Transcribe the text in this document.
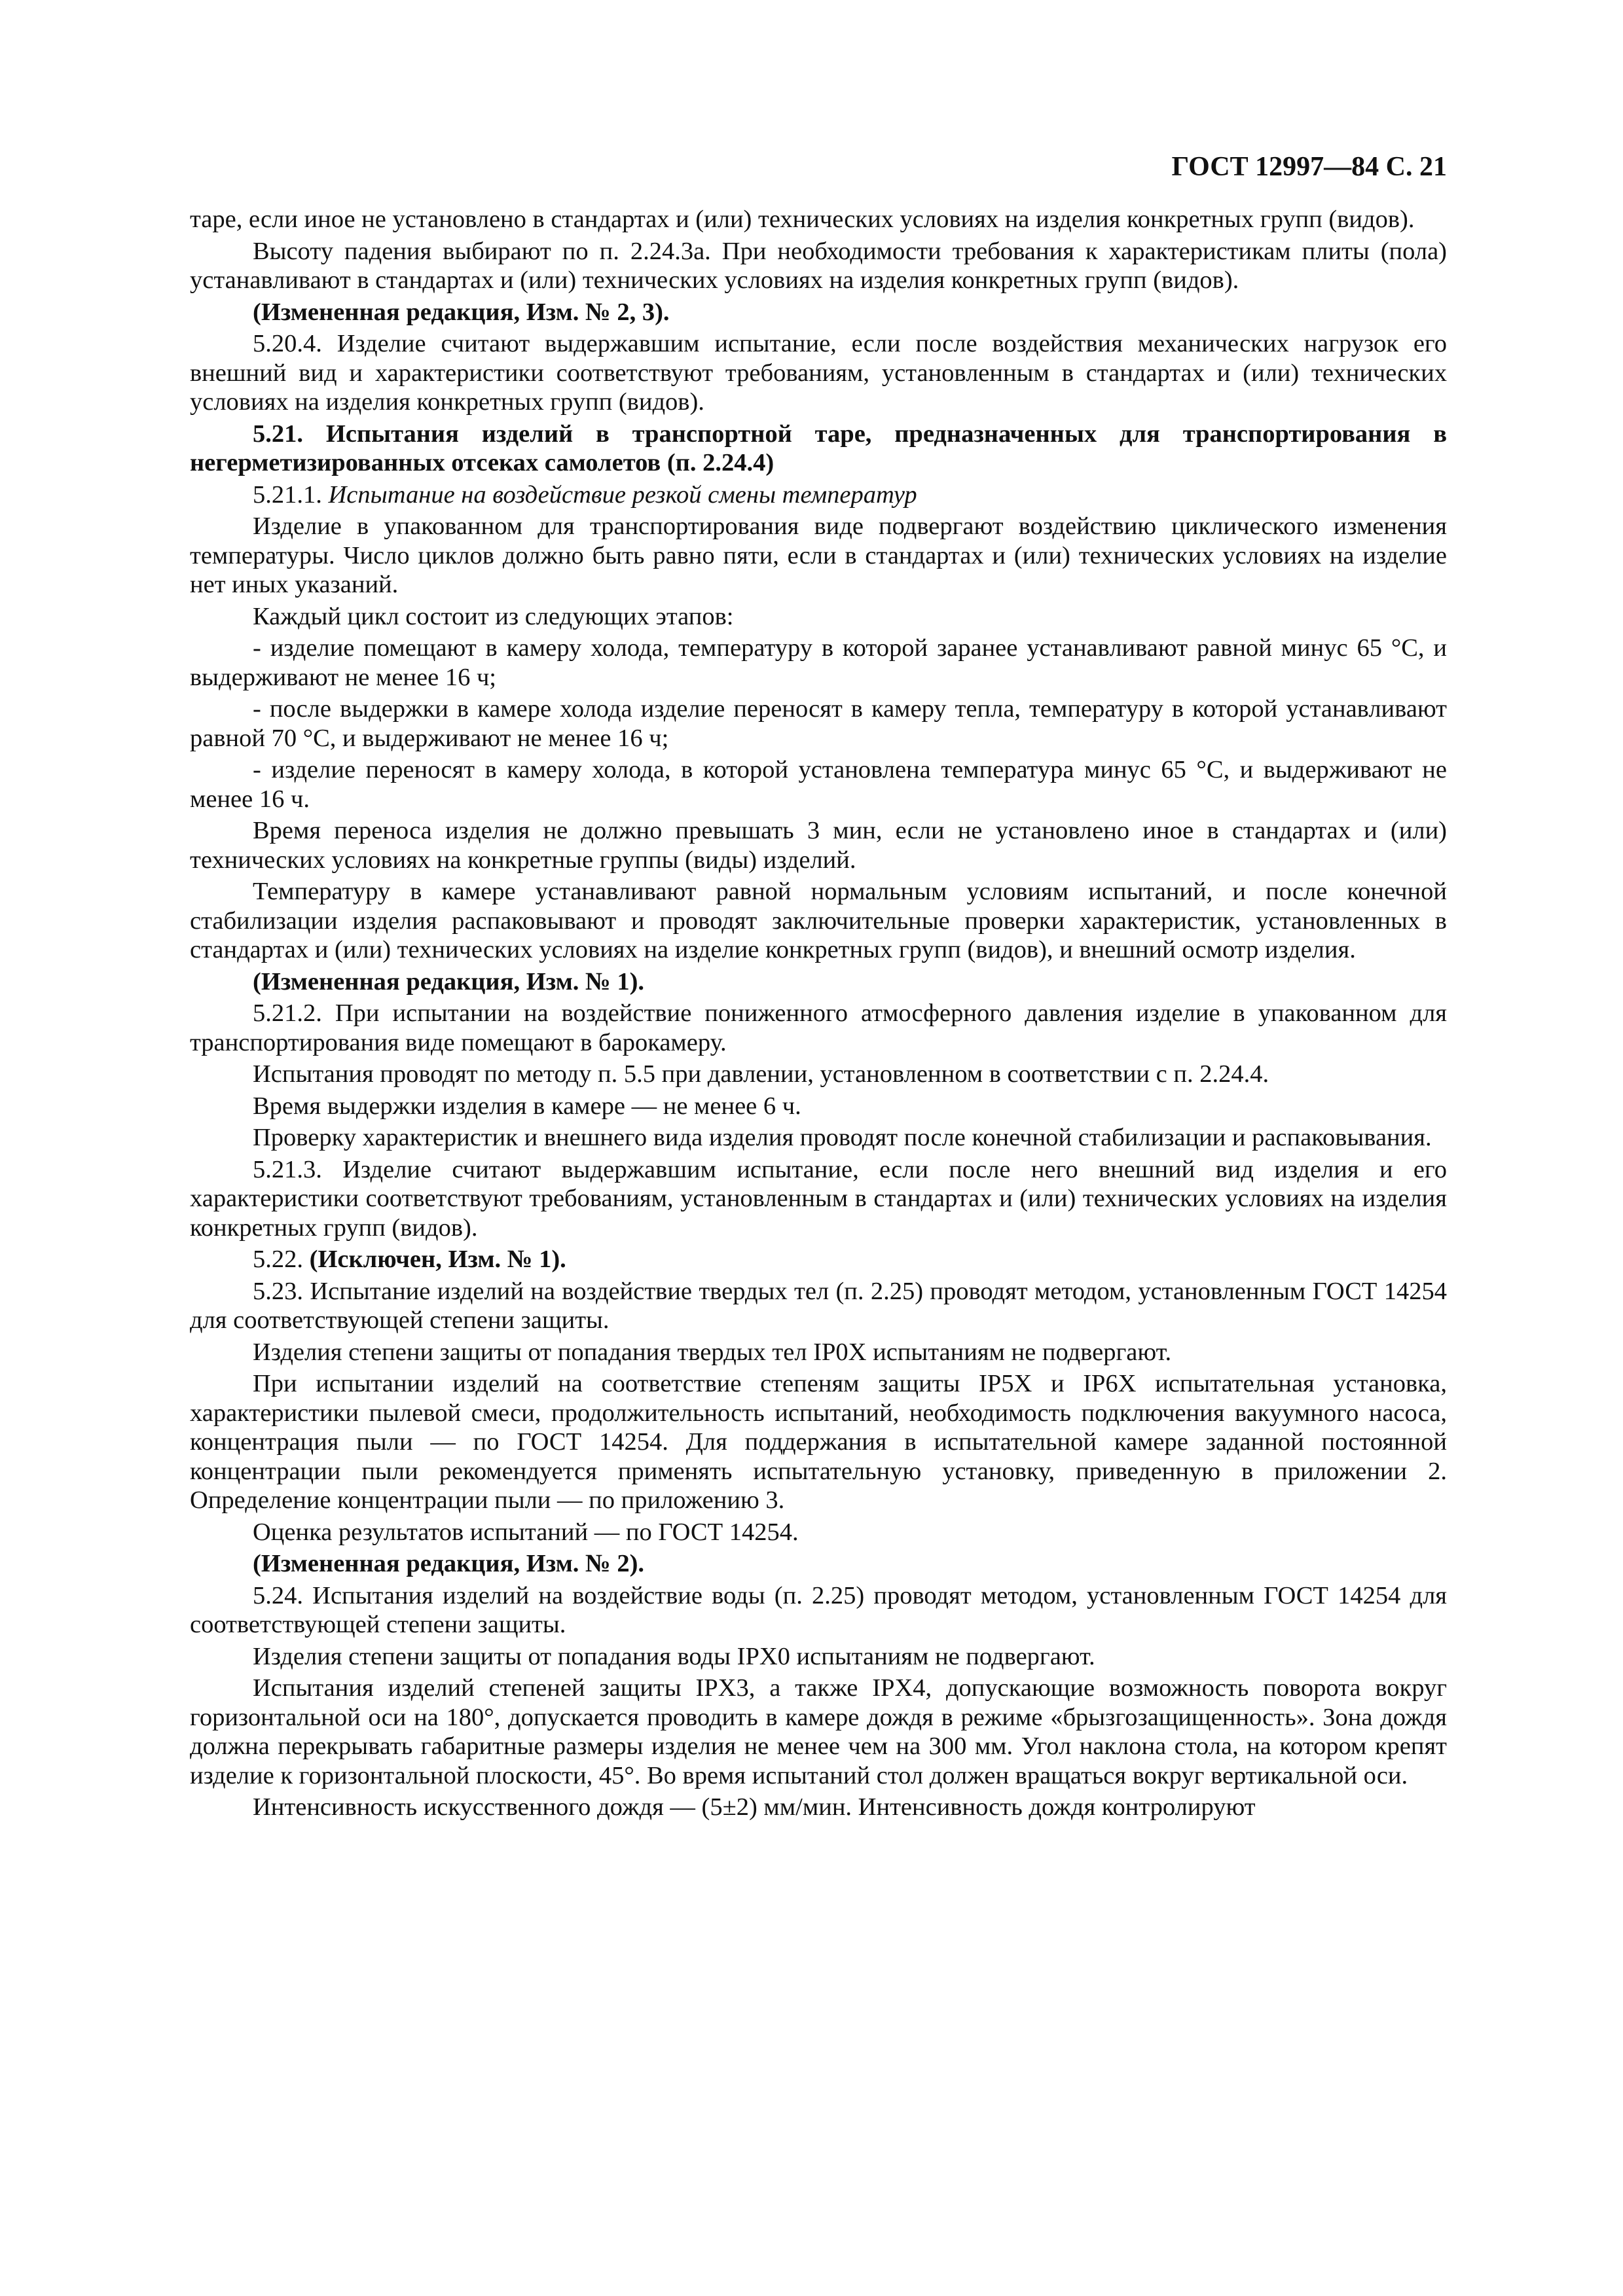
ГОСТ 12997—84 С. 21
таре, если иное не установлено в стандартах и (или) технических условиях на изделия конкретных групп (видов).
Высоту падения выбирают по п. 2.24.3а. При необходимости требования к характеристикам плиты (пола) устанавливают в стандартах и (или) технических условиях на изделия конкретных групп (видов).
(Измененная редакция, Изм. № 2, 3).
5.20.4. Изделие считают выдержавшим испытание, если после воздействия механических нагрузок его внешний вид и характеристики соответствуют требованиям, установленным в стандартах и (или) технических условиях на изделия конкретных групп (видов).
5.21. Испытания изделий в транспортной таре, предназначенных для транспортирования в негерметизированных отсеках самолетов (п. 2.24.4)
5.21.1. Испытание на воздействие резкой смены температур
Изделие в упакованном для транспортирования виде подвергают воздействию циклического изменения температуры. Число циклов должно быть равно пяти, если в стандартах и (или) технических условиях на изделие нет иных указаний.
Каждый цикл состоит из следующих этапов:
- изделие помещают в камеру холода, температуру в которой заранее устанавливают равной минус 65 °С, и выдерживают не менее 16 ч;
- после выдержки в камере холода изделие переносят в камеру тепла, температуру в которой устанавливают равной 70 °С, и выдерживают не менее 16 ч;
- изделие переносят в камеру холода, в которой установлена температура минус 65 °С, и выдерживают не менее 16 ч.
Время переноса изделия не должно превышать 3 мин, если не установлено иное в стандартах и (или) технических условиях на конкретные группы (виды) изделий.
Температуру в камере устанавливают равной нормальным условиям испытаний, и после конечной стабилизации изделия распаковывают и проводят заключительные проверки характеристик, установленных в стандартах и (или) технических условиях на изделие конкретных групп (видов), и внешний осмотр изделия.
(Измененная редакция, Изм. № 1).
5.21.2. При испытании на воздействие пониженного атмосферного давления изделие в упакованном для транспортирования виде помещают в барокамеру.
Испытания проводят по методу п. 5.5 при давлении, установленном в соответствии с п. 2.24.4.
Время выдержки изделия в камере — не менее 6 ч.
Проверку характеристик и внешнего вида изделия проводят после конечной стабилизации и распаковывания.
5.21.3. Изделие считают выдержавшим испытание, если после него внешний вид изделия и его характеристики соответствуют требованиям, установленным в стандартах и (или) технических условиях на изделия конкретных групп (видов).
5.22. (Исключен, Изм. № 1).
5.23. Испытание изделий на воздействие твердых тел (п. 2.25) проводят методом, установленным ГОСТ 14254 для соответствующей степени защиты.
Изделия степени защиты от попадания твердых тел IP0X испытаниям не подвергают.
При испытании изделий на соответствие степеням защиты IP5X и IP6X испытательная установка, характеристики пылевой смеси, продолжительность испытаний, необходимость подключения вакуумного насоса, концентрация пыли — по ГОСТ 14254. Для поддержания в испытательной камере заданной постоянной концентрации пыли рекомендуется применять испытательную установку, приведенную в приложении 2. Определение концентрации пыли — по приложению 3.
Оценка результатов испытаний — по ГОСТ 14254.
(Измененная редакция, Изм. № 2).
5.24. Испытания изделий на воздействие воды (п. 2.25) проводят методом, установленным ГОСТ 14254 для соответствующей степени защиты.
Изделия степени защиты от попадания воды IPX0 испытаниям не подвергают.
Испытания изделий степеней защиты IPX3, а также IPX4, допускающие возможность поворота вокруг горизонтальной оси на 180°, допускается проводить в камере дождя в режиме «брызгозащищенность». Зона дождя должна перекрывать габаритные размеры изделия не менее чем на 300 мм. Угол наклона стола, на котором крепят изделие к горизонтальной плоскости, 45°. Во время испытаний стол должен вращаться вокруг вертикальной оси.
Интенсивность искусственного дождя — (5±2) мм/мин. Интенсивность дождя контролируют
